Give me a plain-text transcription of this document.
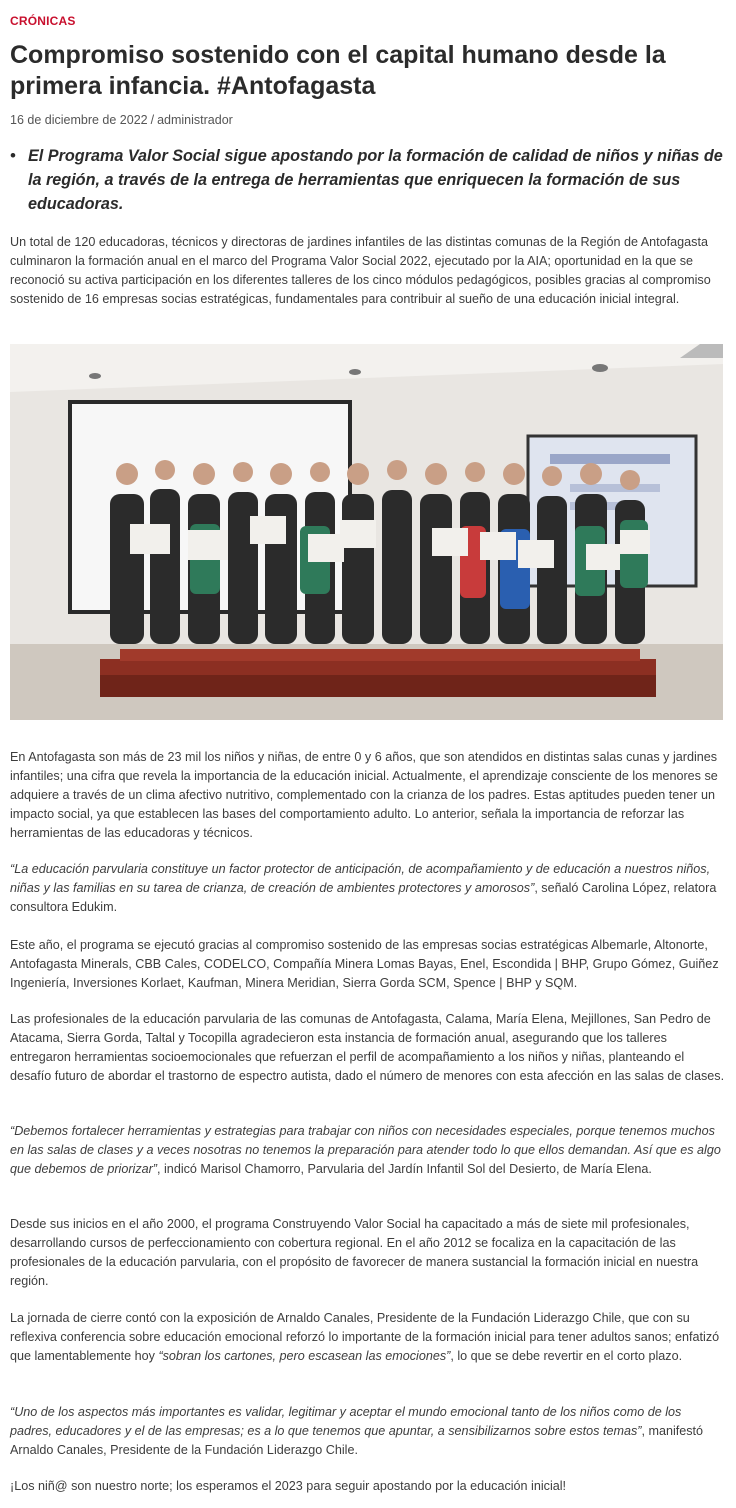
CRÓNICAS
Compromiso sostenido con el capital humano desde la primera infancia. #Antofagasta
16 de diciembre de 2022 / administrador
• El Programa Valor Social sigue apostando por la formación de calidad de niños y niñas de la región, a través de la entrega de herramientas que enriquecen la formación de sus educadoras.

Un total de 120 educadoras, técnicos y directoras de jardines infantiles de las distintas comunas de la Región de Antofagasta culminaron la formación anual en el marco del Programa Valor Social 2022, ejecutado por la AIA; oportunidad en la que se reconoció su activa participación en los diferentes talleres de los cinco módulos pedagógicos, posibles gracias al compromiso sostenido de 16 empresas socias estratégicas, fundamentales para contribuir al sueño de una educación inicial integral.

En Antofagasta son más de 23 mil los niños y niñas, de entre 0 y 6 años, que son atendidos en distintas salas cunas y jardines infantiles; una cifra que revela la importancia de la educación inicial. Actualmente, el aprendizaje consciente de los menores se adquiere a través de un clima afectivo nutritivo, complementado con la crianza de los padres. Estas aptitudes pueden tener un impacto social, ya que establecen las bases del comportamiento adulto. Lo anterior, señala la importancia de reforzar las herramientas de las educadoras y técnicos.

“La educación parvularia constituye un factor protector de anticipación, de acompañamiento y de educación a nuestros niños, niñas y las familias en su tarea de crianza, de creación de ambientes protectores y amorosos”, señaló Carolina López, relatora consultora Edukim.

Este año, el programa se ejecutó gracias al compromiso sostenido de las empresas socias estratégicas Albemarle, Altonorte, Antofagasta Minerals, CBB Cales, CODELCO, Compañía Minera Lomas Bayas, Enel, Escondida | BHP, Grupo Gómez, Guiñez Ingeniería, Inversiones Korlaet, Kaufman, Minera Meridian, Sierra Gorda SCM, Spence | BHP y SQM.

Las profesionales de la educación parvularia de las comunas de Antofagasta, Calama, María Elena, Mejillones, San Pedro de Atacama, Sierra Gorda, Taltal y Tocopilla agradecieron esta instancia de formación anual, asegurando que los talleres entregaron herramientas socioemocionales que refuerzan el perfil de acompañamiento a los niños y niñas, planteando el desafío futuro de abordar el trastorno de espectro autista, dado el número de menores con esta afección en las salas de clases.

“Debemos fortalecer herramientas y estrategias para trabajar con niños con necesidades especiales, porque tenemos muchos en las salas de clases y a veces nosotras no tenemos la preparación para atender todo lo que ellos demandan. Así que es algo que debemos de priorizar”, indicó Marisol Chamorro, Parvularia del Jardín Infantil Sol del Desierto, de María Elena.

Desde sus inicios en el año 2000, el programa Construyendo Valor Social ha capacitado a más de siete mil profesionales, desarrollando cursos de perfeccionamiento con cobertura regional. En el año 2012 se focaliza en la capacitación de las profesionales de la educación parvularia, con el propósito de favorecer de manera sustancial la formación inicial en nuestra región.

La jornada de cierre contó con la exposición de Arnaldo Canales, Presidente de la Fundación Liderazgo Chile, que con su reflexiva conferencia sobre educación emocional reforzó lo importante de la formación inicial para tener adultos sanos; enfatizó que lamentablemente hoy “sobran los cartones, pero escasean las emociones”, lo que se debe revertir en el corto plazo.

“Uno de los aspectos más importantes es validar, legitimar y aceptar el mundo emocional tanto de los niños como de los padres, educadores y el de las empresas; es a lo que tenemos que apuntar, a sensibilizarnos sobre estos temas”, manifestó Arnaldo Canales, Presidente de la Fundación Liderazgo Chile.

¡Los niñ@ son nuestro norte; los esperamos el 2023 para seguir apostando por la educación inicial!
